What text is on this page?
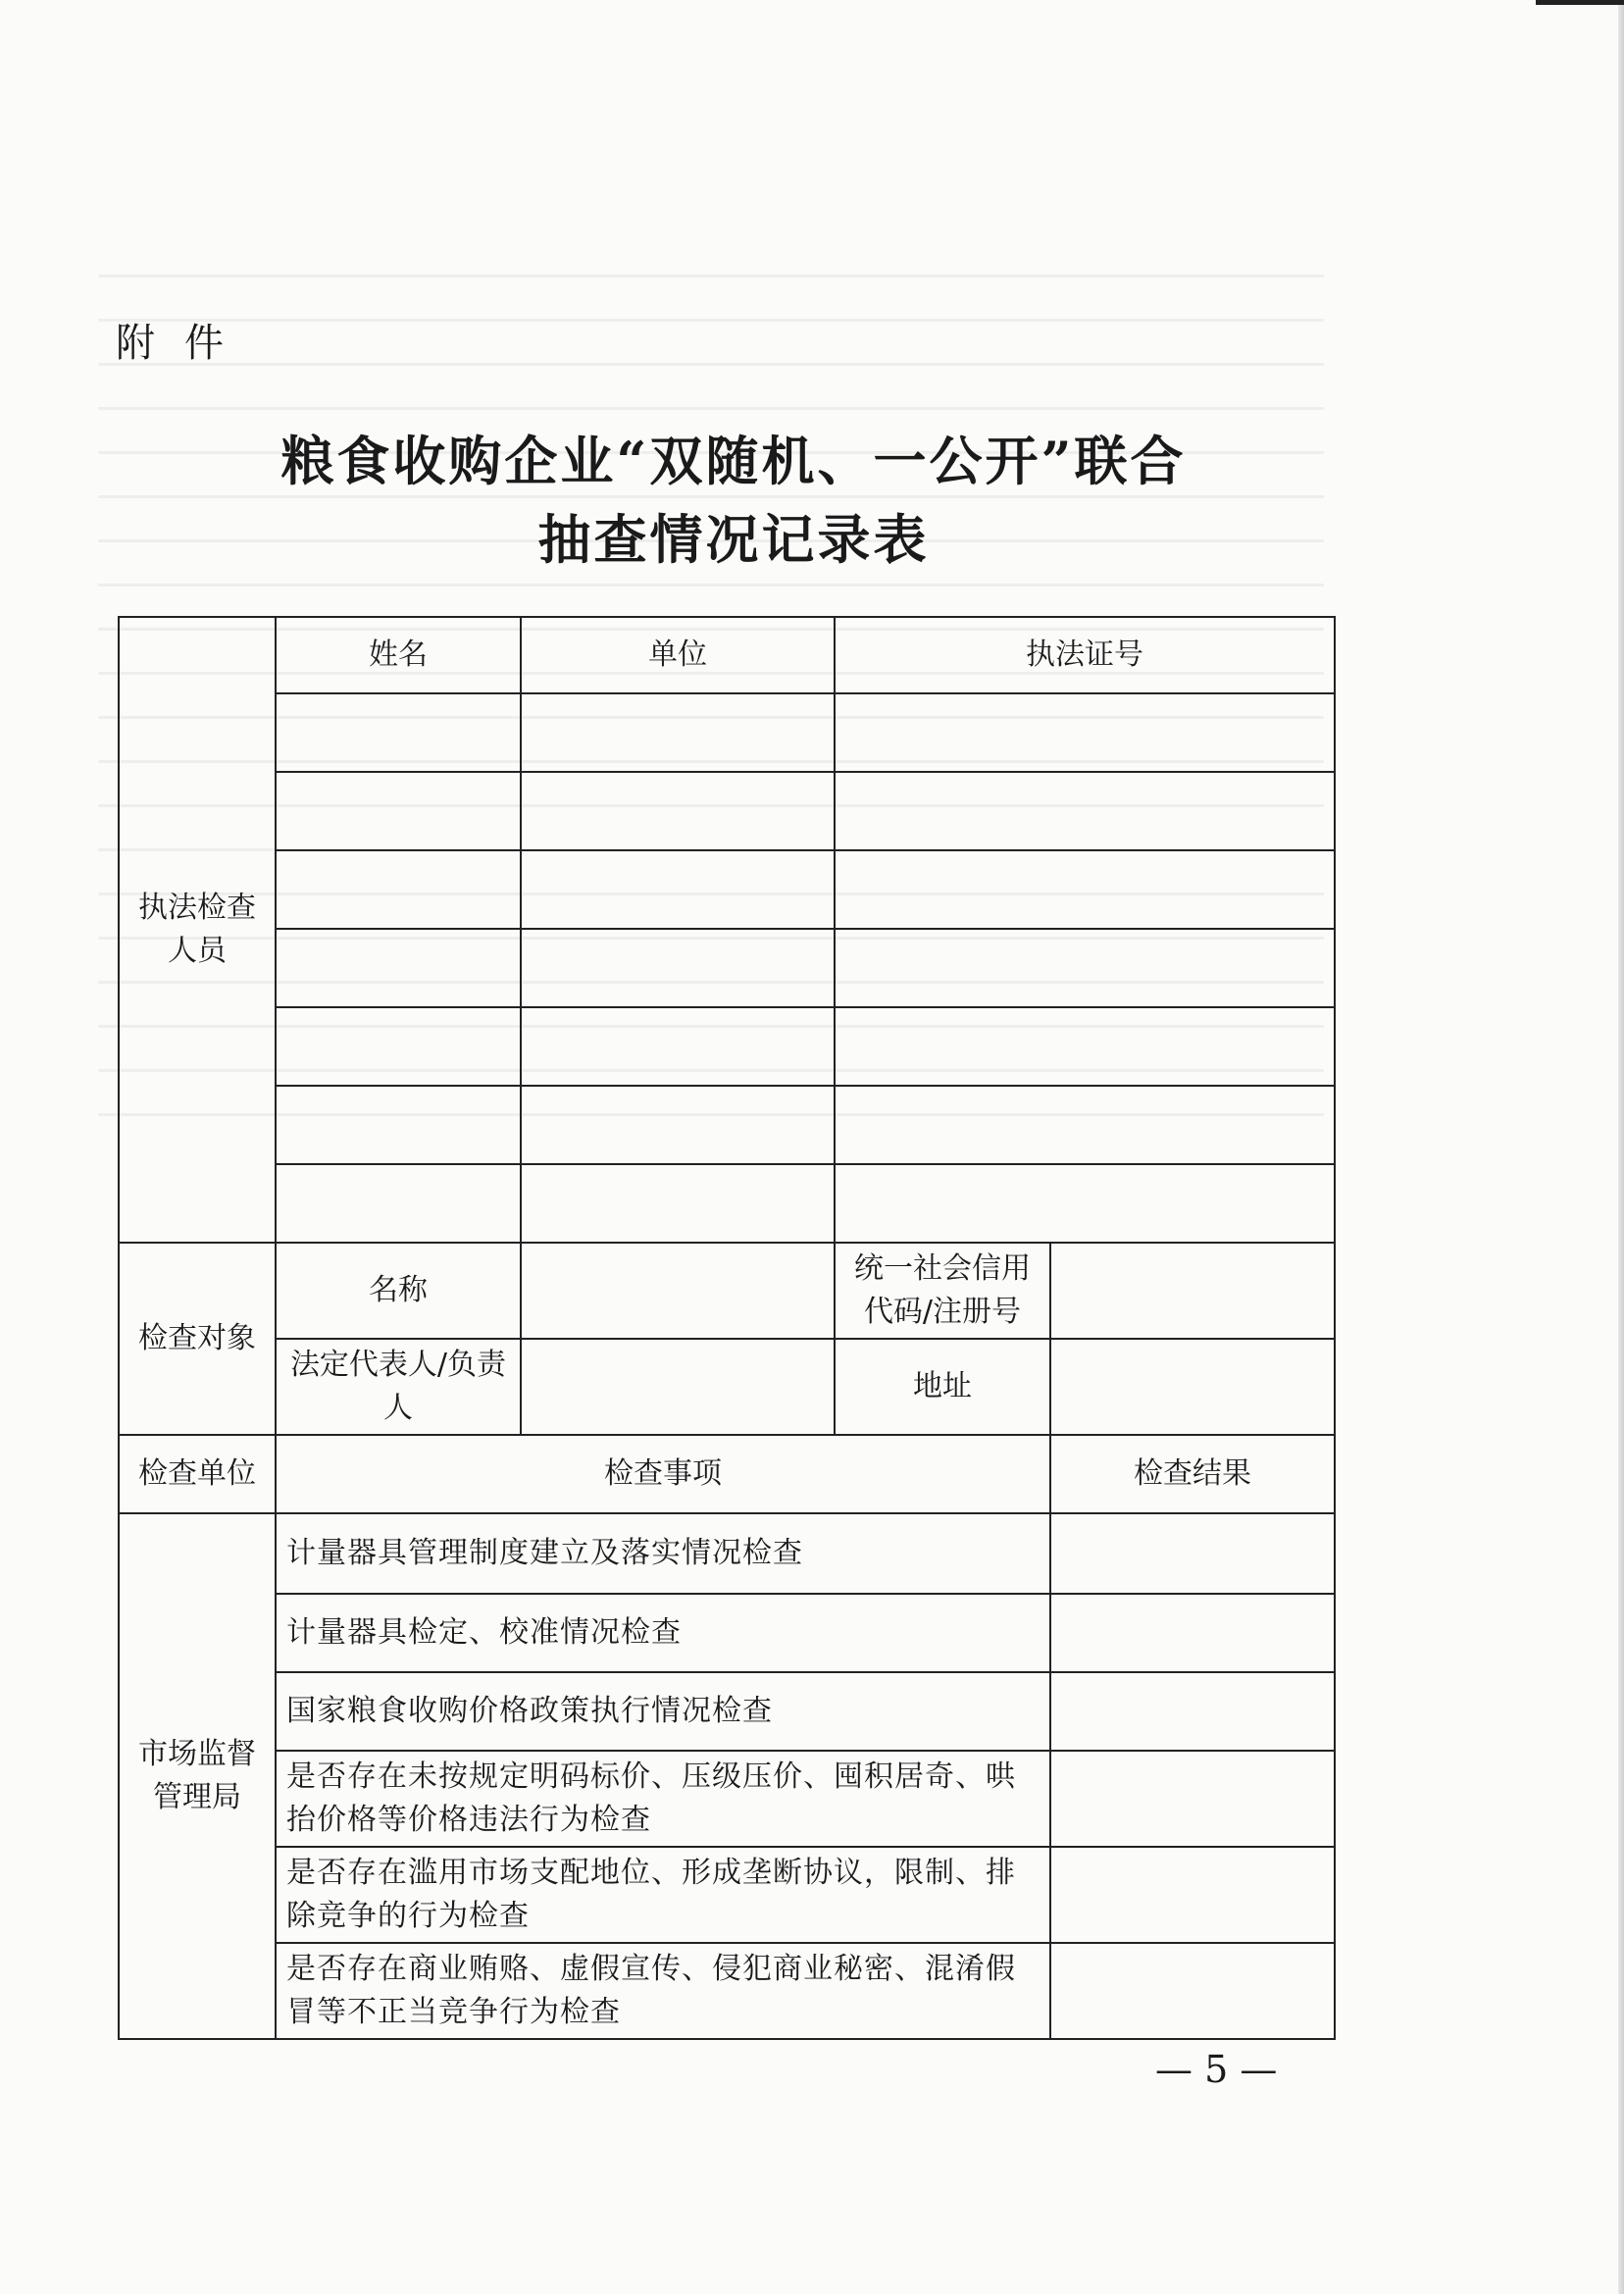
附件
粮食收购企业“双随机、一公开”联合
抽查情况记录表
执法检查人员	姓名	单位	执法证号	

检查对象	名称		统一社会信用代码/注册号	
	法定代表人/负责人		地址	
检查单位	检查事项			检查结果
市场监督管理局	计量器具管理制度建立及落实情况检查			
	计量器具检定、校准情况检查			
	国家粮食收购价格政策执行情况检查			
	是否存在未按规定明码标价、压级压价、囤积居奇、哄抬价格等价格违法行为检查			
	是否存在滥用市场支配地位、形成垄断协议，限制、排除竞争的行为检查			
	是否存在商业贿赂、虚假宣传、侵犯商业秘密、混淆假冒等不正当竞争行为检查			
— 5 —
